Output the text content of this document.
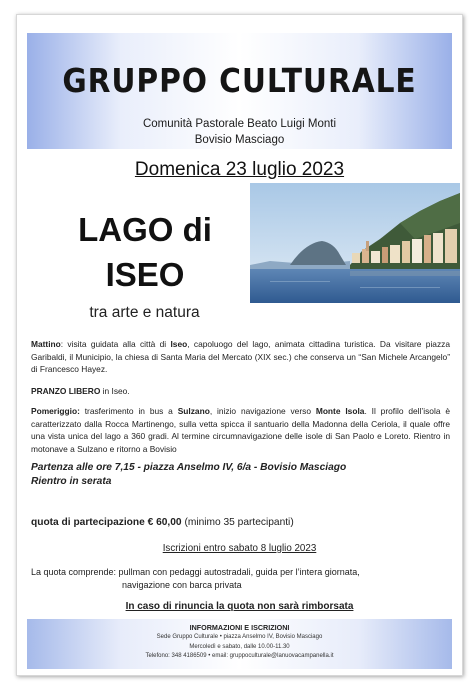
GRUPPO CULTURALE
Comunità Pastorale Beato Luigi Monti
Bovisio Masciago
Domenica 23 luglio 2023
LAGO di
ISEO
tra arte e natura
Mattino: visita guidata alla città di Iseo, capoluogo del lago, animata cittadina turistica. Da visitare piazza Garibaldi, il Municipio, la chiesa di Santa Maria del Mercato (XIX sec.) che conserva un “San Michele Arcangelo” di Francesco Hayez.
PRANZO LIBERO in Iseo.
Pomeriggio: trasferimento in bus a Sulzano, inizio navigazione verso Monte Isola. Il profilo dell’isola è caratterizzato dalla Rocca Martinengo, sulla vetta spicca il santuario della Madonna della Ceriola, il quale offre una vista unica del lago a 360 gradi. Al termine circumnavigazione delle isole di San Paolo e Loreto. Rientro in motonave a Sulzano e ritorno a Bovisio
Partenza alle ore 7,15 - piazza Anselmo IV, 6/a - Bovisio Masciago
Rientro in serata
quota di partecipazione € 60,00 (minimo 35 partecipanti)
Iscrizioni entro sabato 8 luglio 2023
La quota comprende: pullman con pedaggi autostradali, guida per l’intera giornata,
navigazione con barca privata
In caso di rinuncia la quota non sarà rimborsata
INFORMAZIONI E ISCRIZIONI
Sede Gruppo Culturale • piazza Anselmo IV, Bovisio Masciago
Mercoledì e sabato, dalle 10.00-11.30
Telefono: 348 4186509 • email: gruppoculturale@lanuovacampanella.it
